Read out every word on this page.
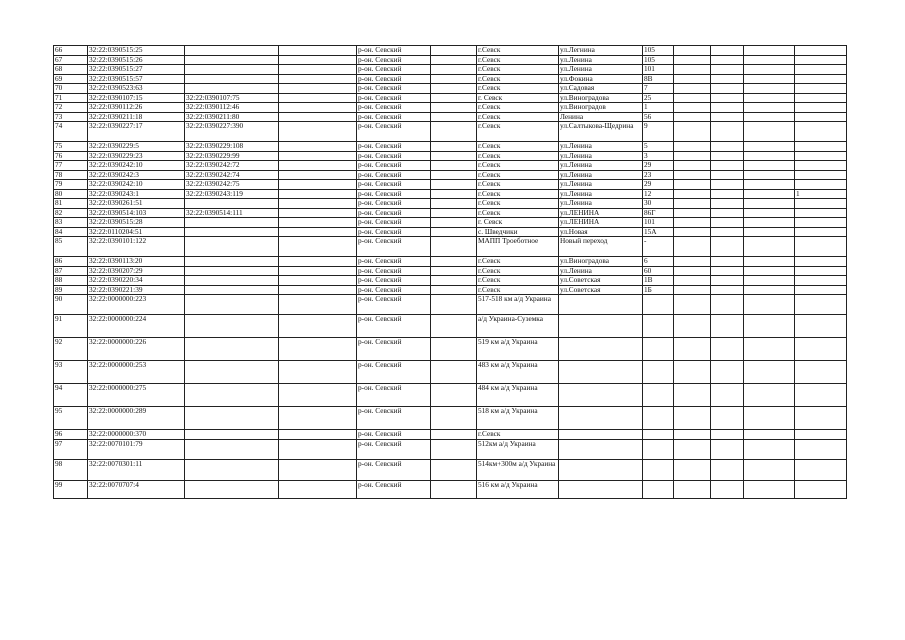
66	32:22:0390515:25			р-он. Севский		г.Севск	ул.Легнина	105				
67	32:22:0390515:26			р-он. Севский		г.Севск	ул.Ленина	105				
68	32:22:0390515:27			р-он. Севский		г.Севск	ул.Ленина	101				
69	32:22:0390515:57			р-он. Севский		г.Севск	ул.Фокина	8В				
70	32:22:0390523:63			р-он. Севский		г.Севск	ул.Садовая	7				
71	32:22:0390107:15	32:22:0390107:75		р-он. Севский		г. Севск	ул.Виноградова	25				
72	32:22:0390112:26	32:22:0390112:46		р-он. Севский		г.Севск	ул.Виноградов	1				
73	32:22:0390211:18	32:22:0390211:80		р-он. Севский		г.Севск	Ленина	56				
74	32:22:0390227:17	32:22:0390227:390		р-он. Севский		г.Севск	ул.Салтыкова-Щедрина	9				
75	32:22:0390229:5	32:22:0390229:108		р-он. Севский		г.Севск	ул.Ленина	5				
76	32:22:0390229:23	32:22:0390229:99		р-он. Севский		г.Севск	ул.Ленина	3				
77	32:22:0390242:10	32:22:0390242:72		р-он. Севский		г.Севск	ул.Ленина	29				
78	32:22:0390242:3	32:22:0390242:74		р-он. Севский		г.Севск	ул.Ленина	23				
79	32:22:0390242:10	32:22:0390242:75		р-он. Севский		г.Севск	ул.Ленина	29				
80	32:22:0390243:1	32:22:0390243:119		р-он. Севский		г.Севск	ул.Ленина	12				1
81	32:22:0390261:51			р-он. Севский		г.Севск	ул.Ленина	30				
82	32:22:0390514:103	32:22:0390514:111		р-он. Севский		г.Севск	ул.ЛЕНИНА	86Г				
83	32:22:0390515:28			р-он. Севский		г. Севск	ул.ЛЕНИНА	101				
84	32:22:0110204:51			р-он. Севский		с. Шведчики	ул.Новая	15А				
85	32:22:0390101:122			р-он. Севский		МАПП Троеботное	Новый переход	-				
86	32:22:0390113:20			р-он. Севский		г.Севск	ул.Виноградова	6				
87	32:22:0390207:29			р-он. Севский		г.Севск	ул.Ленина	60				
88	32:22:0390220:34			р-он. Севский		г.Севск	ул.Советская	1В				
89	32:22:0390221:39			р-он. Севский		г.Севск	ул.Советская	1Б				
90	32:22:0000000:223			р-он. Севский		517-518 км а/д Украина						
91	32:22:0000000:224			р-он. Севский		а/д Украина-Суземка						
92	32:22:0000000:226			р-он. Севский		519 км а/д Украина						
93	32:22:0000000:253			р-он. Севский		483 км а/д Украина						
94	32:22:0000000:275			р-он. Севский		484 км а/д Украина						
95	32:22:0000000:289			р-он. Севский		518 км а/д Украина						
96	32:22:0000000:370			р-он. Севский		г.Севск						
97	32:22:0070101:79			р-он. Севский		512км а/д Украина						
98	32:22:0070301:11			р-он. Севский		514км+300м а/д Украина						
99	32:22:0070707:4			р-он. Севский		516 км а/д Украина						
